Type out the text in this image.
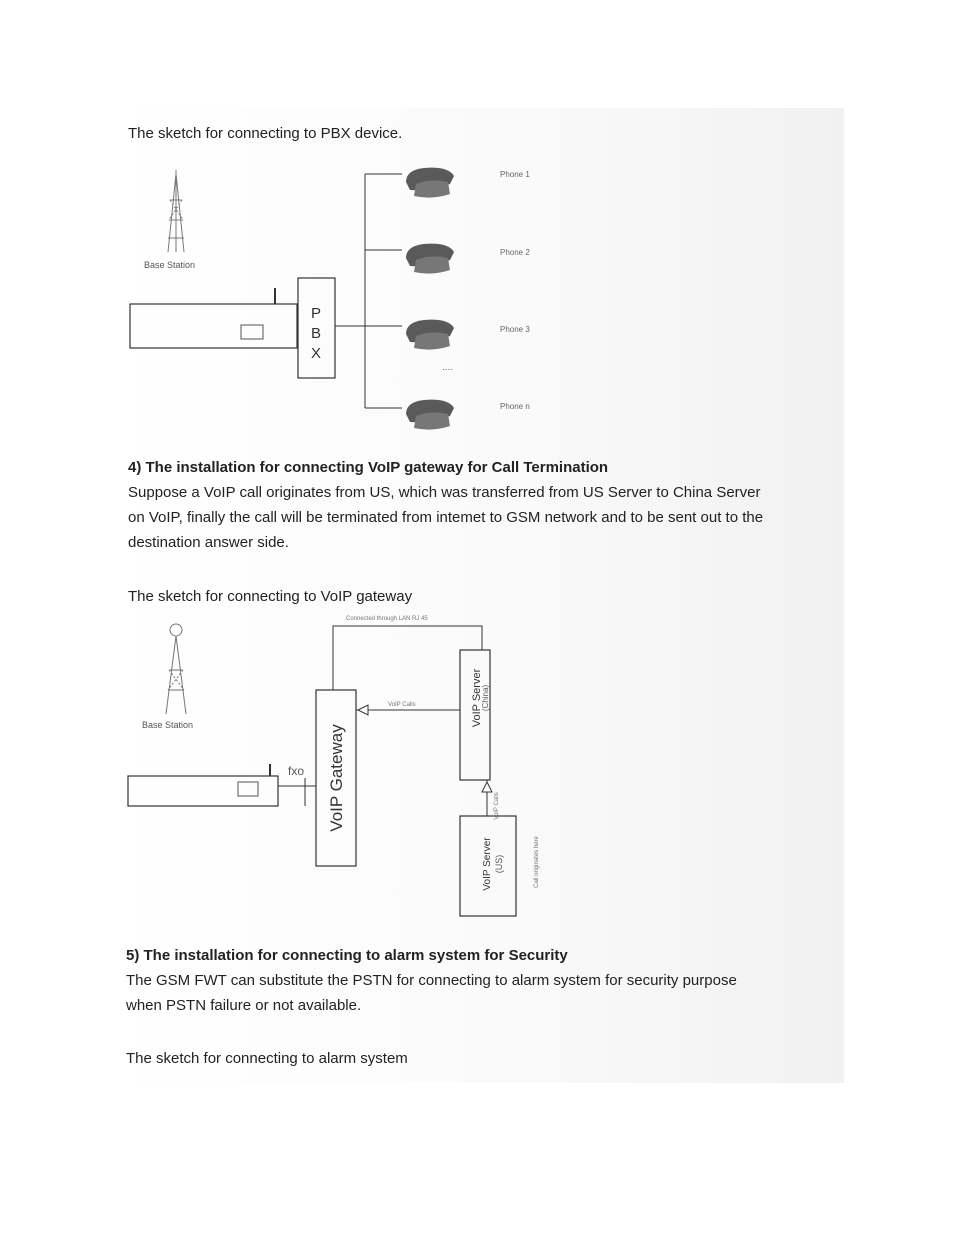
The sketch for connecting to PBX device.
Base Station
P
B
X
Phone 1
Phone 2
Phone 3
Phone n
....
4) The installation for connecting VoIP gateway for Call Termination
Suppose a VoIP call originates from US, which was transferred from US Server to China Server
on VoIP, finally the call will be terminated from intemet to GSM network and to be sent out to the
destination answer side.
The sketch for connecting to VoIP gateway
Base Station
fxo VoIP Gateway
VoIP Server
(China)
VoIP Server (US)
Connected through LAN RJ 45
VoIP Calls
VoIP Calls
Call originates here
5) The installation for connecting to alarm system for Security
The GSM FWT can substitute the PSTN for connecting to alarm system for security purpose
when PSTN failure or not available.
The sketch for connecting to alarm system
